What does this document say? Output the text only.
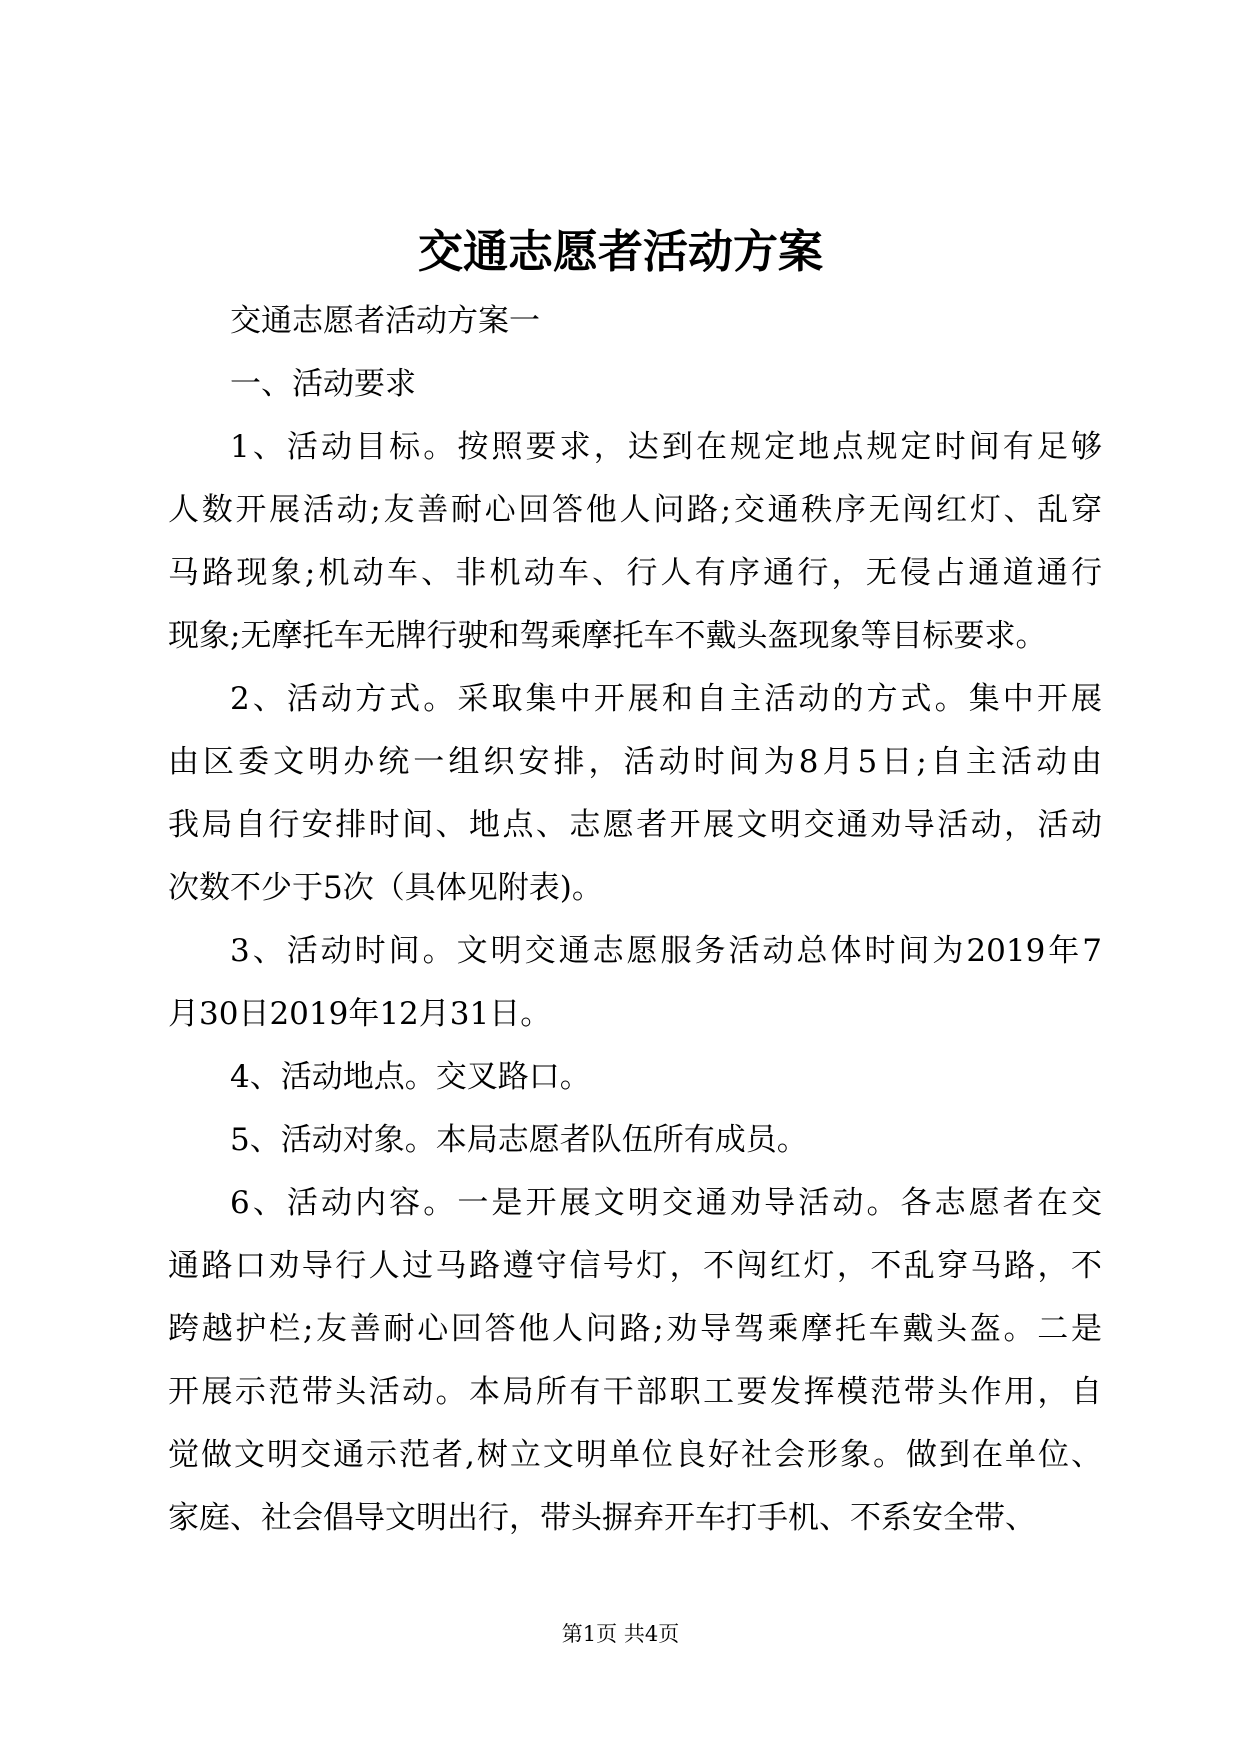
交通志愿者活动方案
交通志愿者活动方案一
一、活动要求
1、活动目标。按照要求，达到在规定地点规定时间有足够
人数开展活动;友善耐心回答他人问路;交通秩序无闯红灯、乱穿
马路现象;机动车、非机动车、行人有序通行，无侵占通道通行
现象;无摩托车无牌行驶和驾乘摩托车不戴头盔现象等目标要求。
2、活动方式。采取集中开展和自主活动的方式。集中开展
由区委文明办统一组织安排，活动时间为8月5日;自主活动由
我局自行安排时间、地点、志愿者开展文明交通劝导活动，活动
次数不少于5次（具体见附表)。
3、活动时间。文明交通志愿服务活动总体时间为2019年7
月30日2019年12月31日。
4、活动地点。交叉路口。
5、活动对象。本局志愿者队伍所有成员。
6、活动内容。一是开展文明交通劝导活动。各志愿者在交
通路口劝导行人过马路遵守信号灯，不闯红灯，不乱穿马路，不
跨越护栏;友善耐心回答他人问路;劝导驾乘摩托车戴头盔。二是
开展示范带头活动。本局所有干部职工要发挥模范带头作用，自
觉做文明交通示范者,树立文明单位良好社会形象。做到在单位、
家庭、社会倡导文明出行，带头摒弃开车打手机、不系安全带、
第1页 共4页
